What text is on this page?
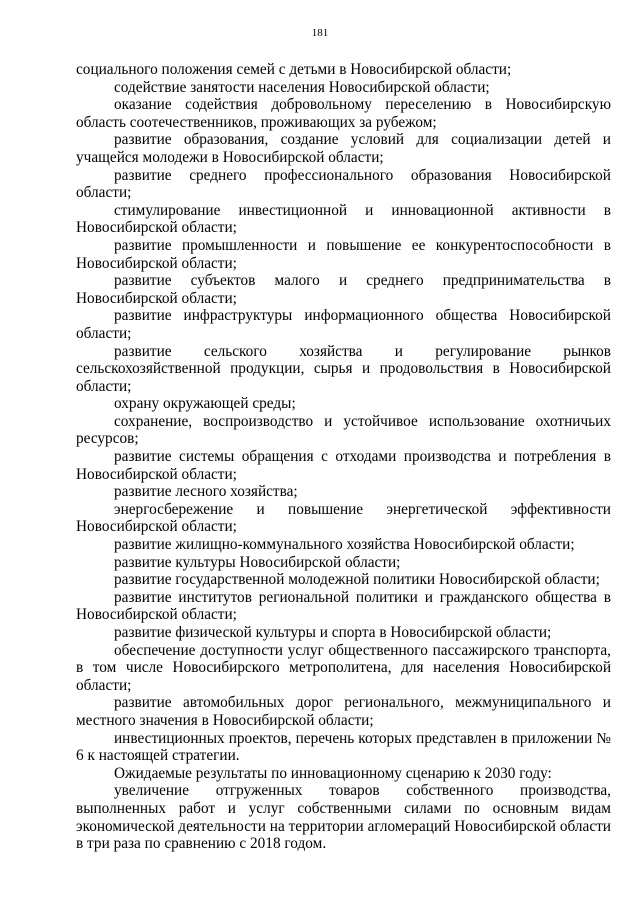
181

социального положения семей с детьми в Новосибирской области;

содействие занятости населения Новосибирской области;

оказание содействия добровольному переселению в Новосибирскую область соотечественников, проживающих за рубежом;

развитие образования, создание условий для социализации детей и учащейся молодежи в Новосибирской области;

развитие среднего профессионального образования Новосибирской области;

стимулирование инвестиционной и инновационной активности в Новосибирской области;

развитие промышленности и повышение ее конкурентоспособности в Новосибирской области;

развитие субъектов малого и среднего предпринимательства в Новосибирской области;

развитие инфраструктуры информационного общества Новосибирской области;

развитие сельского хозяйства и регулирование рынков сельскохозяйственной продукции, сырья и продовольствия в Новосибирской области;

охрану окружающей среды;

сохранение, воспроизводство и устойчивое использование охотничьих ресурсов;

развитие системы обращения с отходами производства и потребления в Новосибирской области;

развитие лесного хозяйства;

энергосбережение и повышение энергетической эффективности Новосибирской области;

развитие жилищно-коммунального хозяйства Новосибирской области;

развитие культуры Новосибирской области;

развитие государственной молодежной политики Новосибирской области;

развитие институтов региональной политики и гражданского общества в Новосибирской области;

развитие физической культуры и спорта в Новосибирской области;

обеспечение доступности услуг общественного пассажирского транспорта, в том числе Новосибирского метрополитена, для населения Новосибирской области;

развитие автомобильных дорог регионального, межмуниципального и местного значения в Новосибирской области;

инвестиционных проектов, перечень которых представлен в приложении № 6 к настоящей стратегии.

Ожидаемые результаты по инновационному сценарию к 2030 году:

увеличение отгруженных товаров собственного производства, выполненных работ и услуг собственными силами по основным видам экономической деятельности на территории агломераций Новосибирской области в три раза по сравнению с 2018 годом.
